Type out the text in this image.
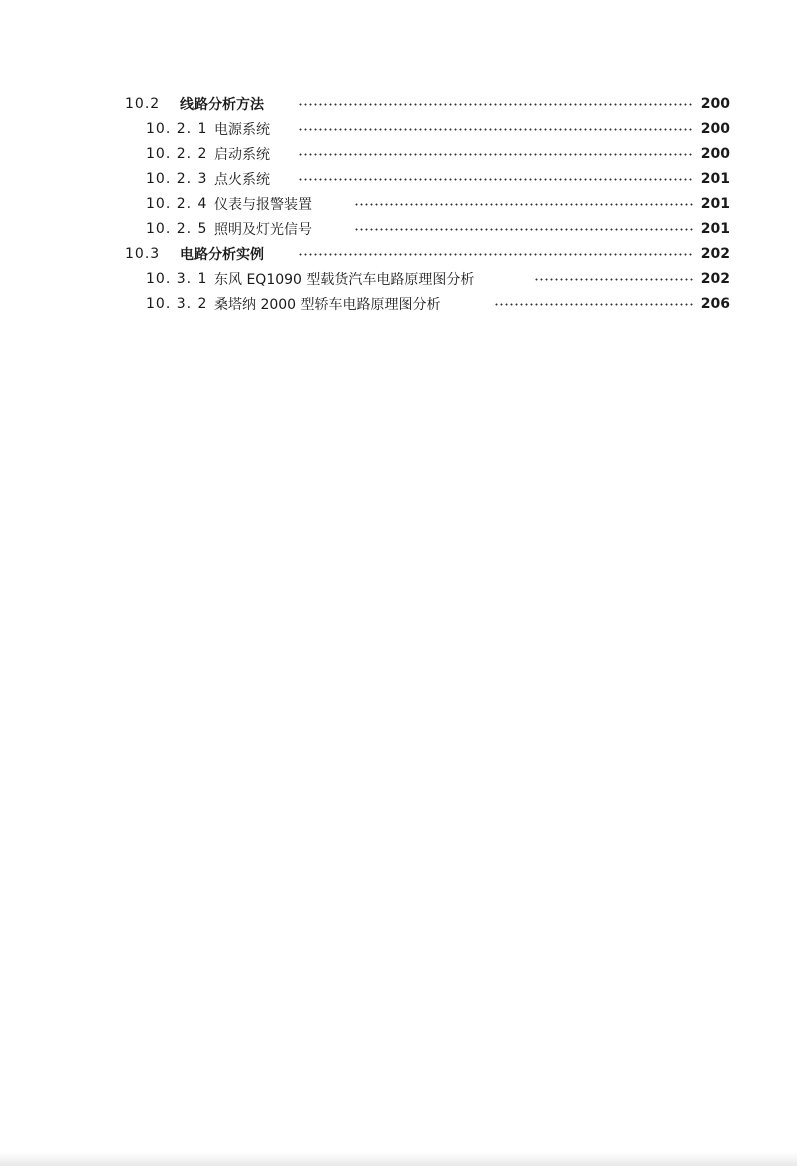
10.2 线路分析方法	200
10. 2. 1 电源系统	200
10. 2. 2 启动系统	200
10. 2. 3 点火系统	201
10. 2. 4 仪表与报警装置	201
10. 2. 5 照明及灯光信号	201
10.3 电路分析实例	202
10. 3. 1 东风 EQ1090 型载货汽车电路原理图分析	202
10. 3. 2 桑塔纳 2000 型轿车电路原理图分析	206
